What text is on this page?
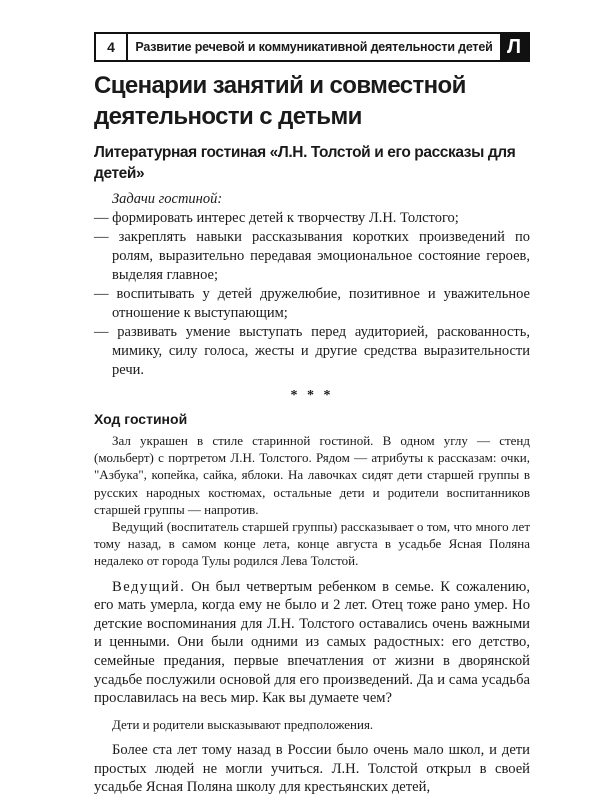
4	Развитие речевой и коммуникативной деятельности детей Л
Сценарии занятий и совместной деятельности с детьми
Литературная гостиная «Л.Н. Толстой и его рассказы для детей»
Задачи гостиной:
— формировать интерес детей к творчеству Л.Н. Толстого;
— закреплять навыки рассказывания коротких произведений по ролям, выразительно передавая эмоциональное состояние героев, выделяя главное;
— воспитывать у детей дружелюбие, позитивное и уважительное отношение к выступающим;
— развивать умение выступать перед аудиторией, раскованность, мимику, силу голоса, жесты и другие средства выразительности речи.
* * *
Ход гостиной

Зал украшен в стиле старинной гостиной. В одном углу — стенд (мольберт) с портретом Л.Н. Толстого. Рядом — атрибуты к рассказам: очки, "Азбука", копейка, сайка, яблоки. На лавочках сидят дети старшей группы в русских народных костюмах, остальные дети и родители воспитанников старшей группы — напротив.

Ведущий (воспитатель старшей группы) рассказывает о том, что много лет тому назад, в самом конце лета, конце августа в усадьбе Ясная Поляна недалеко от города Тулы родился Лева Толстой.

Ведущий. Он был четвертым ребенком в семье. К сожалению, его мать умерла, когда ему не было и 2 лет. Отец тоже рано умер. Но детские воспоминания для Л.Н. Толстого оставались очень важными и ценными. Они были одними из самых радостных: его детство, семейные предания, первые впечатления от жизни в дворянской усадьбе послужили основой для его произведений. Да и сама усадьба прославилась на весь мир. Как вы думаете чем?

Дети и родители высказывают предположения.

Более ста лет тому назад в России было очень мало школ, и дети простых людей не могли учиться. Л.Н. Толстой открыл в своей усадьбе Ясная Поляна школу для крестьянских детей,
